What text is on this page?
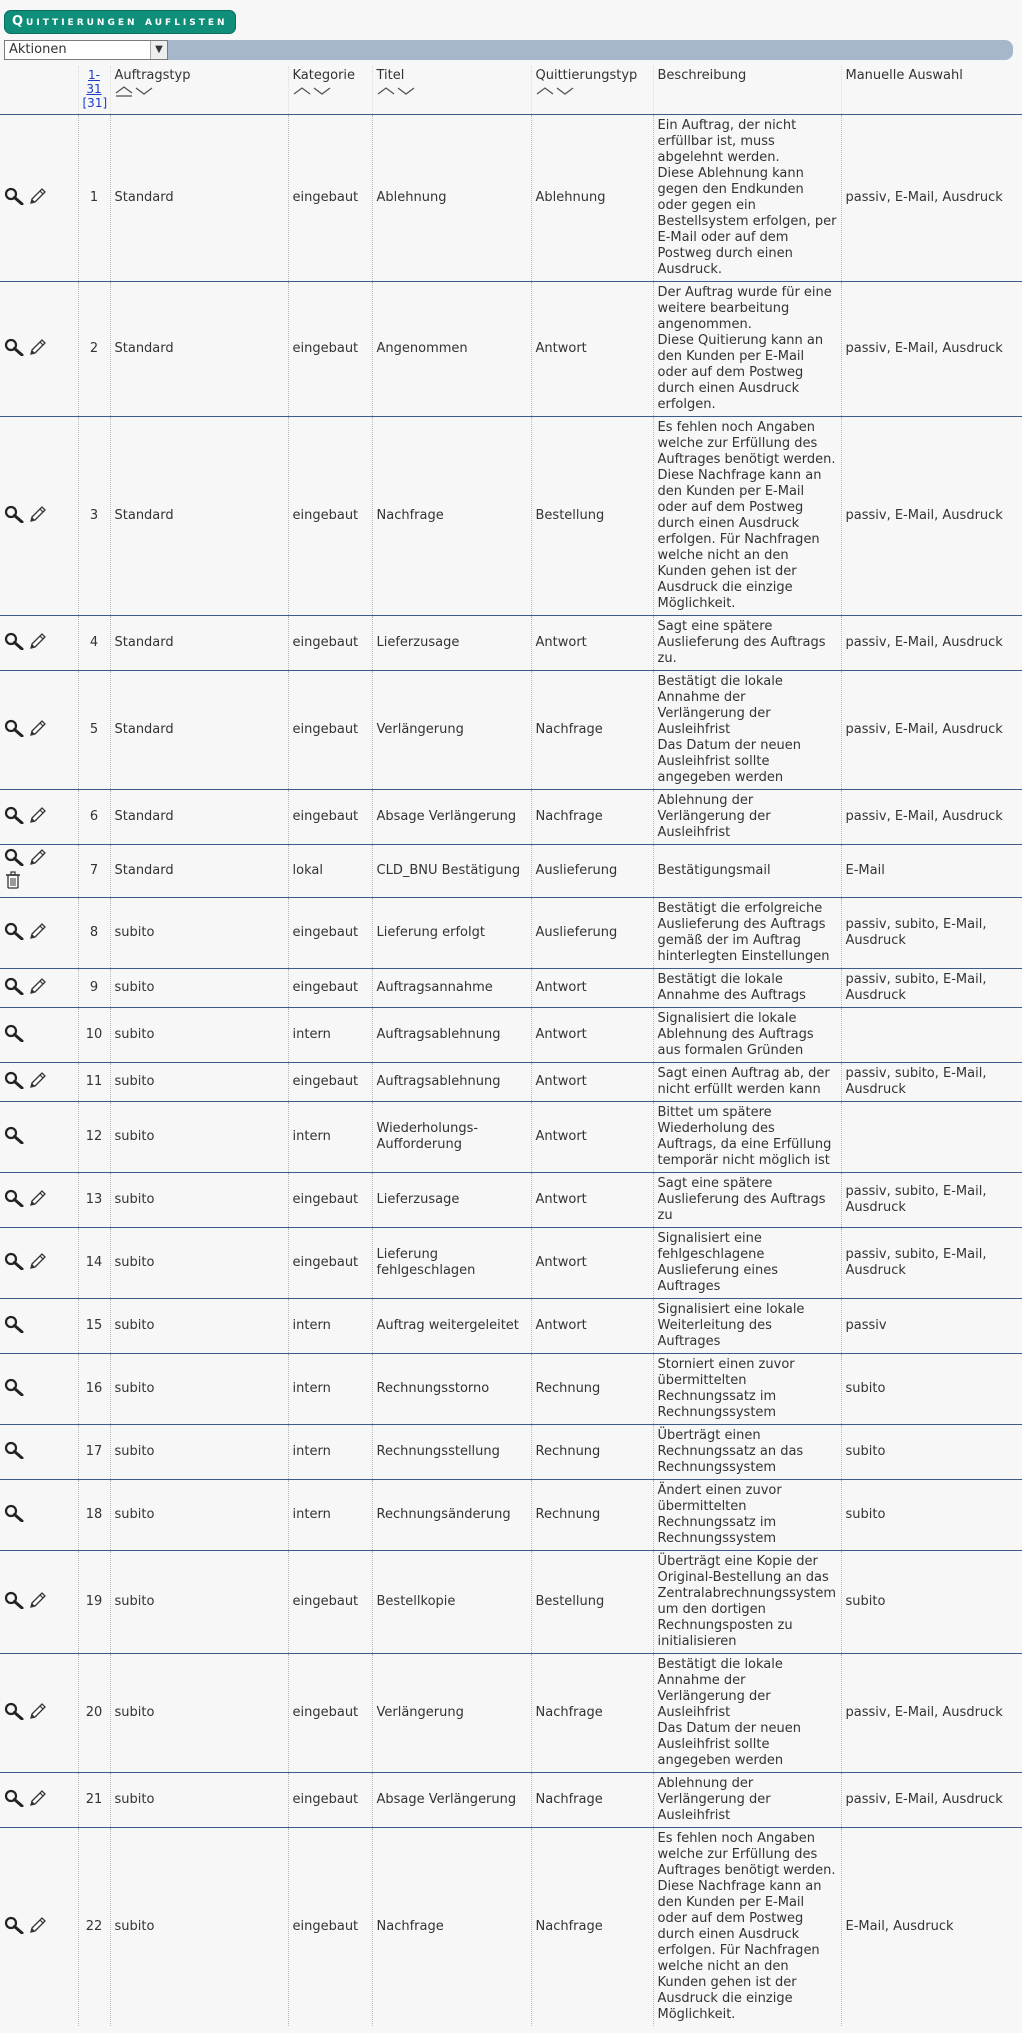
Quittierungen auflisten
Aktionen	▼

	1-31
[31]	Auftragstyp	Kategorie	Titel	Quittierungstyp	Beschreibung	Manuelle Auswahl
	1	Standard	eingebaut	Ablehnung	Ablehnung	Ein Auftrag, der nicht erfüllbar ist, muss abgelehnt werden.
Diese Ablehnung kann gegen den Endkunden oder gegen ein Bestellsystem erfolgen, per E-Mail oder auf dem Postweg durch einen Ausdruck.	passiv, E-Mail, Ausdruck
	2	Standard	eingebaut	Angenommen	Antwort	Der Auftrag wurde für eine weitere bearbeitung angenommen.
Diese Quitierung kann an den Kunden per E-Mail oder auf dem Postweg durch einen Ausdruck erfolgen.	passiv, E-Mail, Ausdruck
	3	Standard	eingebaut	Nachfrage	Bestellung	Es fehlen noch Angaben welche zur Erfüllung des Auftrages benötigt werden.
Diese Nachfrage kann an den Kunden per E-Mail oder auf dem Postweg durch einen Ausdruck erfolgen. Für Nachfragen welche nicht an den Kunden gehen ist der Ausdruck die einzige Möglichkeit.	passiv, E-Mail, Ausdruck
	4	Standard	eingebaut	Lieferzusage	Antwort	Sagt eine spätere Auslieferung des Auftrags zu.	passiv, E-Mail, Ausdruck
	5	Standard	eingebaut	Verlängerung	Nachfrage	Bestätigt die lokale Annahme der Verlängerung der Ausleihfrist
Das Datum der neuen Ausleihfrist sollte angegeben werden	passiv, E-Mail, Ausdruck
	6	Standard	eingebaut	Absage Verlängerung	Nachfrage	Ablehnung der Verlängerung der Ausleihfrist	passiv, E-Mail, Ausdruck
	7	Standard	lokal	CLD_BNU Bestätigung	Auslieferung	Bestätigungsmail	E-Mail
	8	subito	eingebaut	Lieferung erfolgt	Auslieferung	Bestätigt die erfolgreiche Auslieferung des Auftrags gemäß der im Auftrag hinterlegten Einstellungen	passiv, subito, E-Mail, Ausdruck
	9	subito	eingebaut	Auftragsannahme	Antwort	Bestätigt die lokale Annahme des Auftrags	passiv, subito, E-Mail, Ausdruck
	10	subito	intern	Auftragsablehnung	Antwort	Signalisiert die lokale Ablehnung des Auftrags aus formalen Gründen	
	11	subito	eingebaut	Auftragsablehnung	Antwort	Sagt einen Auftrag ab, der nicht erfüllt werden kann	passiv, subito, E-Mail, Ausdruck
	12	subito	intern	Wiederholungs-Aufforderung	Antwort	Bittet um spätere Wiederholung des Auftrags, da eine Erfüllung temporär nicht möglich ist	
	13	subito	eingebaut	Lieferzusage	Antwort	Sagt eine spätere Auslieferung des Auftrags zu	passiv, subito, E-Mail, Ausdruck
	14	subito	eingebaut	Lieferung fehlgeschlagen	Antwort	Signalisiert eine fehlgeschlagene Auslieferung eines Auftrages	passiv, subito, E-Mail, Ausdruck
	15	subito	intern	Auftrag weitergeleitet	Antwort	Signalisiert eine lokale Weiterleitung des Auftrages	passiv
	16	subito	intern	Rechnungsstorno	Rechnung	Storniert einen zuvor übermittelten Rechnungssatz im Rechnungssystem	subito
	17	subito	intern	Rechnungsstellung	Rechnung	Überträgt einen Rechnungssatz an das Rechnungssystem	subito
	18	subito	intern	Rechnungsänderung	Rechnung	Ändert einen zuvor übermittelten Rechnungssatz im Rechnungssystem	subito
	19	subito	eingebaut	Bestellkopie	Bestellung	Überträgt eine Kopie der Original-Bestellung an das Zentralabrechnungssystem um den dortigen Rechnungsposten zu initialisieren	subito
	20	subito	eingebaut	Verlängerung	Nachfrage	Bestätigt die lokale Annahme der Verlängerung der Ausleihfrist
Das Datum der neuen Ausleihfrist sollte angegeben werden	passiv, E-Mail, Ausdruck
	21	subito	eingebaut	Absage Verlängerung	Nachfrage	Ablehnung der Verlängerung der Ausleihfrist	passiv, E-Mail, Ausdruck
	22	subito	eingebaut	Nachfrage	Nachfrage	Es fehlen noch Angaben welche zur Erfüllung des Auftrages benötigt werden.
Diese Nachfrage kann an den Kunden per E-Mail oder auf dem Postweg durch einen Ausdruck erfolgen. Für Nachfragen welche nicht an den Kunden gehen ist der Ausdruck die einzige Möglichkeit.	E-Mail, Ausdruck
